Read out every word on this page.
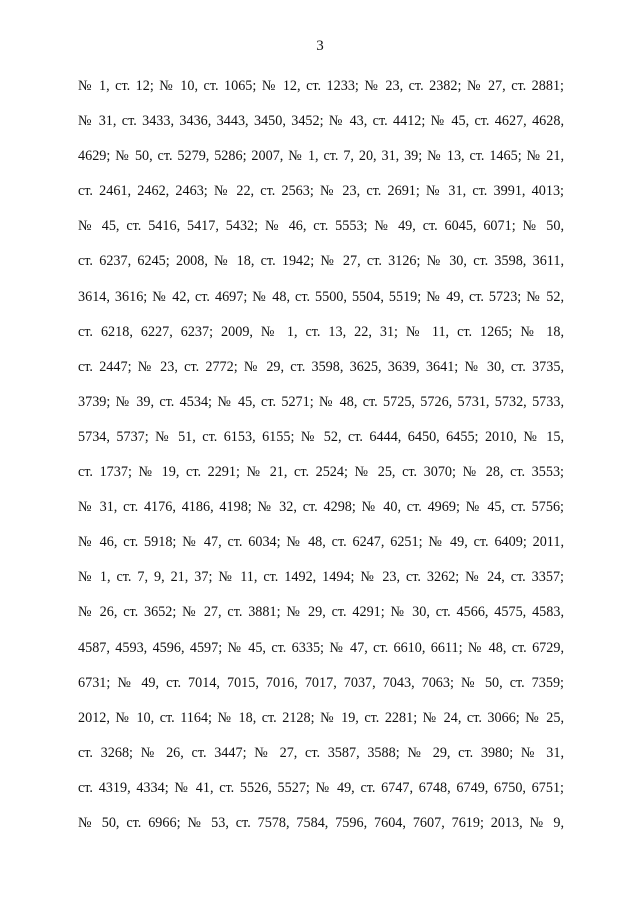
3
№ 1, ст. 12; № 10, ст. 1065; № 12, ст. 1233; № 23, ст. 2382; № 27, ст. 2881;
№ 31, ст. 3433, 3436, 3443, 3450, 3452; № 43, ст. 4412; № 45, ст. 4627, 4628,
4629; № 50, ст. 5279, 5286; 2007, № 1, ст. 7, 20, 31, 39; № 13, ст. 1465; № 21,
ст. 2461, 2462, 2463; № 22, ст. 2563; № 23, ст. 2691; № 31, ст. 3991, 4013;
№ 45, ст. 5416, 5417, 5432; № 46, ст. 5553; № 49, ст. 6045, 6071; № 50,
ст. 6237, 6245; 2008, № 18, ст. 1942; № 27, ст. 3126; № 30, ст. 3598, 3611,
3614, 3616; № 42, ст. 4697; № 48, ст. 5500, 5504, 5519; № 49, ст. 5723; № 52,
ст. 6218, 6227, 6237; 2009, № 1, ст. 13, 22, 31; № 11, ст. 1265; № 18,
ст. 2447; № 23, ст. 2772; № 29, ст. 3598, 3625, 3639, 3641; № 30, ст. 3735,
3739; № 39, ст. 4534; № 45, ст. 5271; № 48, ст. 5725, 5726, 5731, 5732, 5733,
5734, 5737; № 51, ст. 6153, 6155; № 52, ст. 6444, 6450, 6455; 2010, № 15,
ст. 1737; № 19, ст. 2291; № 21, ст. 2524; № 25, ст. 3070; № 28, ст. 3553;
№ 31, ст. 4176, 4186, 4198; № 32, ст. 4298; № 40, ст. 4969; № 45, ст. 5756;
№ 46, ст. 5918; № 47, ст. 6034; № 48, ст. 6247, 6251; № 49, ст. 6409; 2011,
№ 1, ст. 7, 9, 21, 37; № 11, ст. 1492, 1494; № 23, ст. 3262; № 24, ст. 3357;
№ 26, ст. 3652; № 27, ст. 3881; № 29, ст. 4291; № 30, ст. 4566, 4575, 4583,
4587, 4593, 4596, 4597; № 45, ст. 6335; № 47, ст. 6610, 6611; № 48, ст. 6729,
6731; № 49, ст. 7014, 7015, 7016, 7017, 7037, 7043, 7063; № 50, ст. 7359;
2012, № 10, ст. 1164; № 18, ст. 2128; № 19, ст. 2281; № 24, ст. 3066; № 25,
ст. 3268; № 26, ст. 3447; № 27, ст. 3587, 3588; № 29, ст. 3980; № 31,
ст. 4319, 4334; № 41, ст. 5526, 5527; № 49, ст. 6747, 6748, 6749, 6750, 6751;
№ 50, ст. 6966; № 53, ст. 7578, 7584, 7596, 7604, 7607, 7619; 2013, № 9,
